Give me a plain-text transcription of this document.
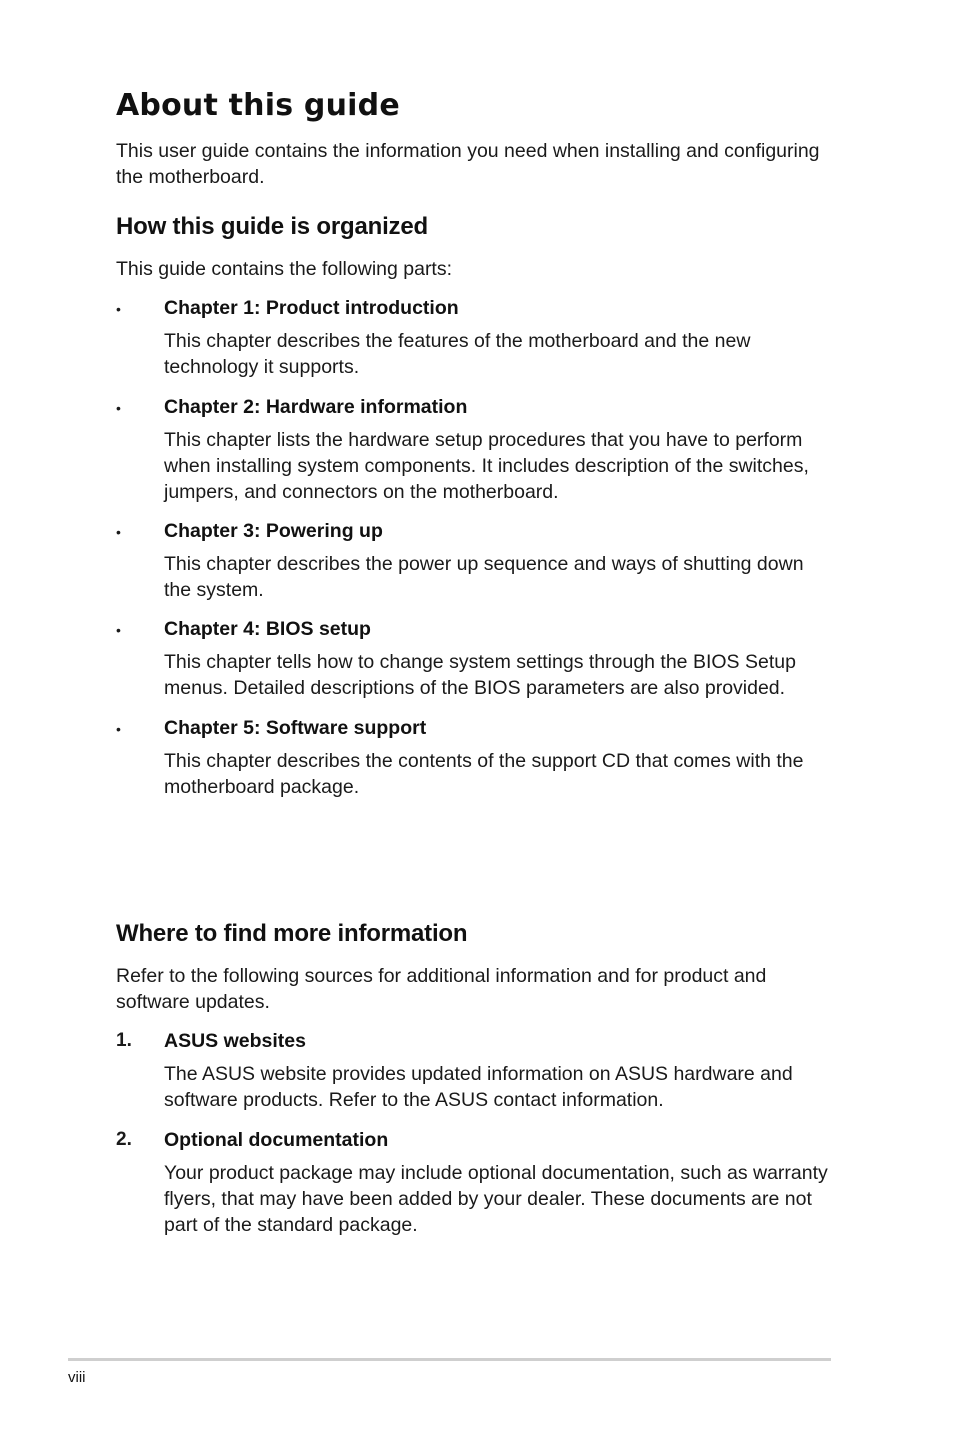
About this guide

This user guide contains the information you need when installing and configuring the motherboard.

How this guide is organized

This guide contains the following parts:

• Chapter 1: Product introduction

This chapter describes the features of the motherboard and the new technology it supports.

• Chapter 2: Hardware information

This chapter lists the hardware setup procedures that you have to perform when installing system components. It includes description of the switches, jumpers, and connectors on the motherboard.

• Chapter 3: Powering up

This chapter describes the power up sequence and ways of shutting down the system.

• Chapter 4: BIOS setup

This chapter tells how to change system settings through the BIOS Setup menus. Detailed descriptions of the BIOS parameters are also provided.

• Chapter 5: Software support

This chapter describes the contents of the support CD that comes with the motherboard package.

Where to find more information

Refer to the following sources for additional information and for product and software updates.

1. ASUS websites

The ASUS website provides updated information on ASUS hardware and software products. Refer to the ASUS contact information.

2. Optional documentation

Your product package may include optional documentation, such as warranty flyers, that may have been added by your dealer. These documents are not part of the standard package.

viii
